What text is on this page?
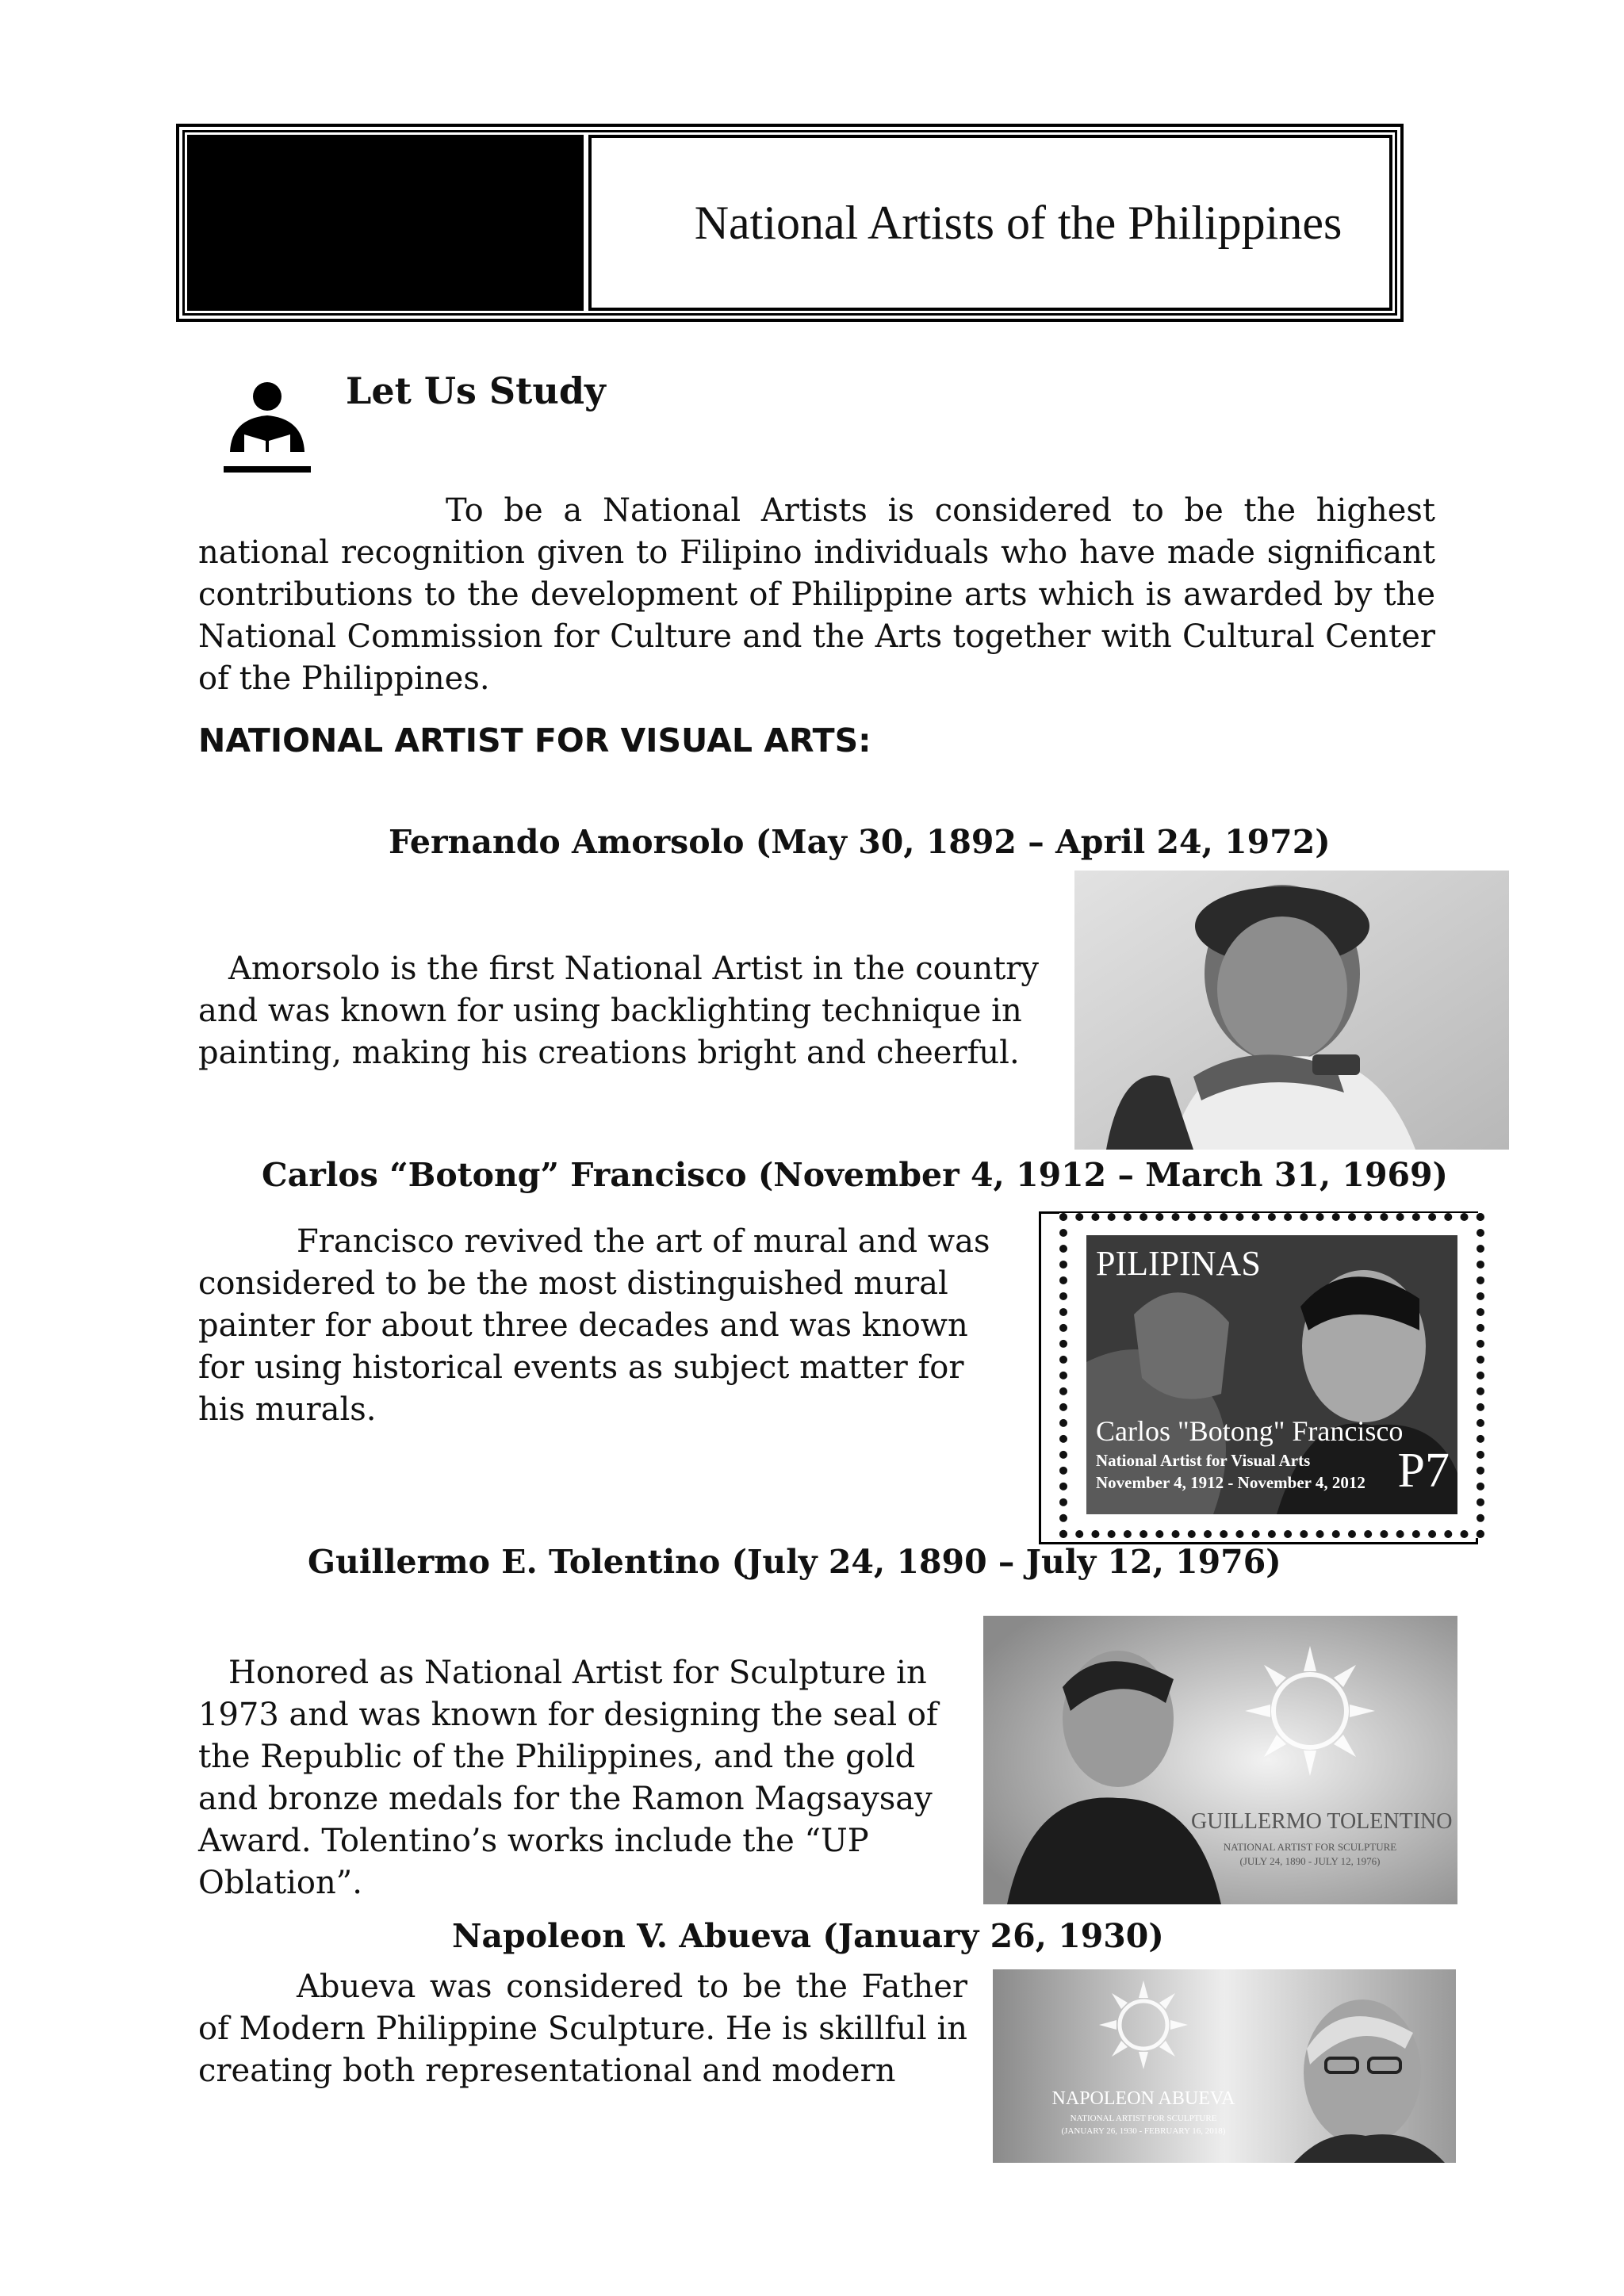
National Artists of the Philippines
Let Us Study
To be a National Artists is considered to be the highest national recognition given to Filipino individuals who have made significant contributions to the development of Philippine arts which is awarded by the National Commission for Culture and the Arts together with Cultural Center of the Philippines.
NATIONAL ARTIST FOR VISUAL ARTS:
Fernando Amorsolo (May 30, 1892 – April 24, 1972)
Amorsolo is the first National Artist in the country and was known for using backlighting technique in painting, making his creations bright and cheerful.
Carlos “Botong” Francisco (November 4, 1912 – March 31, 1969)
Francisco revived the art of mural and was considered to be the most distinguished mural painter for about three decades and was known for using historical events as subject matter for his murals.
PILIPINAS
Carlos "Botong" Francisco
National Artist for Visual Arts
November 4, 1912 - November 4, 2012 P7
Guillermo E. Tolentino (July 24, 1890 – July 12, 1976)
Honored as National Artist for Sculpture in 1973 and was known for designing the seal of the Republic of the Philippines, and the gold and bronze medals for the Ramon Magsaysay Award. Tolentino’s works include the “UP Oblation”.
GUILLERMO TOLENTINO
NATIONAL ARTIST FOR SCULPTURE
(JULY 24, 1890 - JULY 12, 1976)
Napoleon V. Abueva (January 26, 1930)
Abueva was considered to be the Father of Modern Philippine Sculpture. He is skillful in creating both representational and modern
NAPOLEON ABUEVA
NATIONAL ARTIST FOR SCULPTURE
(JANUARY 26, 1930 - FEBRUARY 16, 2018)
